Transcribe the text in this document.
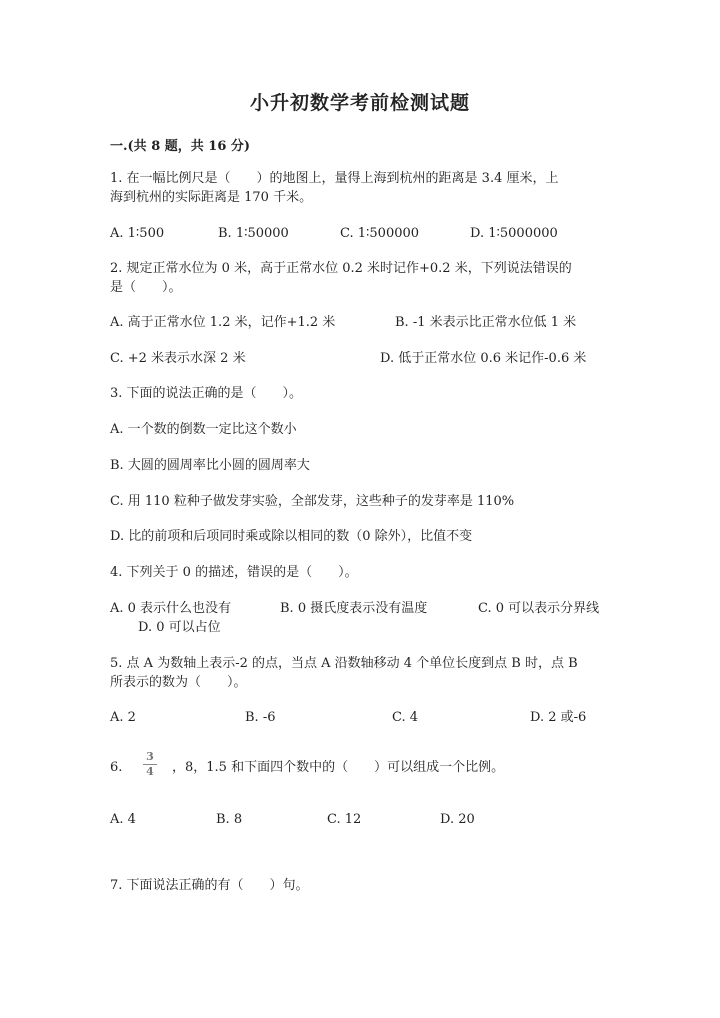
小升初数学考前检测试题
一.(共 8 题，共 16 分)
1. 在一幅比例尺是（　　）的地图上，量得上海到杭州的距离是 3.4 厘米，上
海到杭州的实际距离是 170 千米。
A. 1∶500	B. 1∶50000	C. 1∶500000	D. 1∶5000000
2. 规定正常水位为 0 米，高于正常水位 0.2 米时记作+0.2 米，下列说法错误的
是（　　）。
A. 高于正常水位 1.2 米，记作+1.2 米	B. -1 米表示比正常水位低 1 米
C. +2 米表示水深 2 米	D. 低于正常水位 0.6 米记作-0.6 米
3. 下面的说法正确的是（　　）。
A. 一个数的倒数一定比这个数小
B. 大圆的圆周率比小圆的圆周率大
C. 用 110 粒种子做发芽实验，全部发芽，这些种子的发芽率是 110%
D. 比的前项和后项同时乘或除以相同的数（0 除外），比值不变
4. 下列关于 0 的描述，错误的是（　　）。
A. 0 表示什么也没有	B. 0 摄氏度表示没有温度	C. 0 可以表示分界线
D. 0 可以占位
5. 点 A 为数轴上表示-2 的点，当点 A 沿数轴移动 4 个单位长度到点 B 时，点 B
所表示的数为（　　）。
A. 2	B. -6	C. 4	D. 2 或-6
6.
3
4 ，8，1.5 和下面四个数中的（　　）可以组成一个比例。
A. 4	B. 8	C. 12	D. 20
7. 下面说法正确的有（　　）句。
